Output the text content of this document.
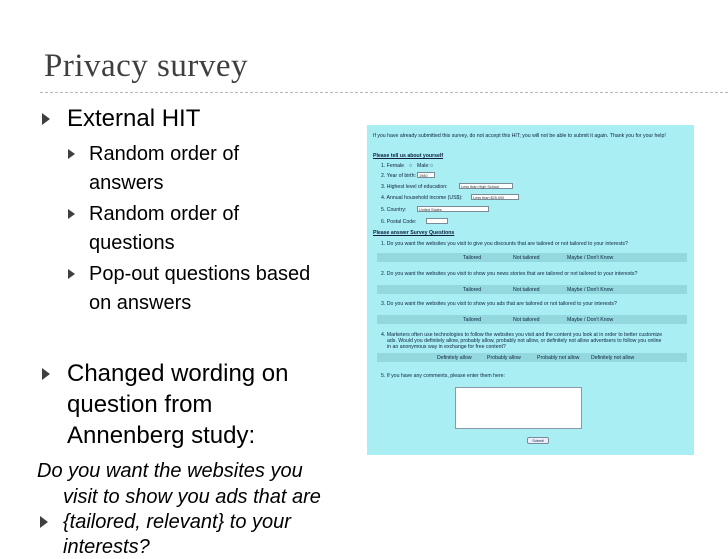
Privacy survey
External HIT
Random order of
answers
Random order of
questions
Pop-out questions based
on answers
Changed wording on
question from
Annenberg study:
Do you want the websites you
visit to show you ads that are
{tailored, relevant} to your
interests?
If you have already submitted this survey, do not accept this HIT; you will not be able to submit it again. Thank you for your help!
Please tell us about yourself
1. Female ○ Male: ○
2. Year of birth: 1980
3. Highest level of education:	Less than High School
4. Annual household income (US$):	Less than $25,000
5. Country:	United States
6. Postal Code:
Please answer Survey Questions
1. Do you want the websites you visit to give you discounts that are tailored or not tailored to your interests?
Tailored	Not tailored	Maybe / Don't Know
2. Do you want the websites you visit to show you news stories that are tailored or not tailored to your interests?
Tailored	Not tailored	Maybe / Don't Know
3. Do you want the websites you visit to show you ads that are tailored or not tailored to your interests?
Tailored	Not tailored	Maybe / Don't Know
4. Marketers often use technologies to follow the websites you visit and the content you look at in order to better customize
ads. Would you definitely allow, probably allow, probably not allow, or definitely not allow advertisers to follow you online
in an anonymous way in exchange for free content?
Definitely allow	Probably allow	Probably not allow Definitely not allow
5. If you have any comments, please enter them here:
Submit
